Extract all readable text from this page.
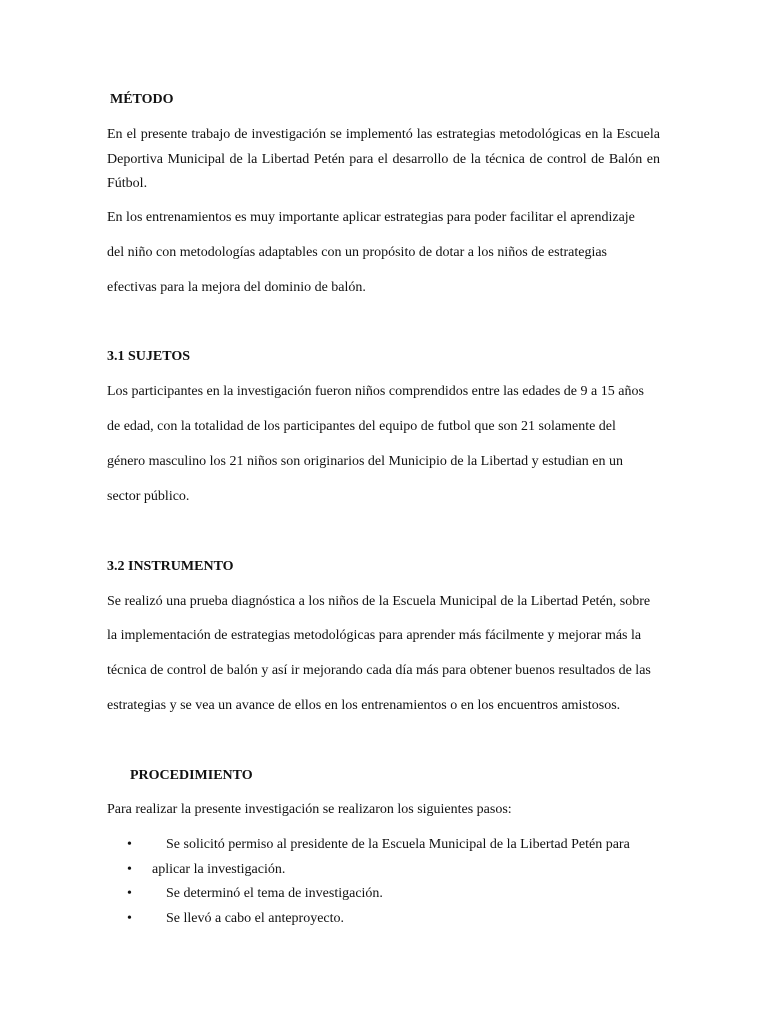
MÉTODO
En el presente trabajo de investigación se implementó las estrategias metodológicas en la Escuela Deportiva Municipal de la Libertad Petén para el desarrollo de la técnica de control de Balón en Fútbol.
En los entrenamientos es muy importante aplicar estrategias para poder facilitar el aprendizaje
del niño con metodologías adaptables con un propósito de dotar a los niños de estrategias
efectivas para la mejora del dominio de balón.
3.1 SUJETOS
Los participantes en la investigación fueron niños comprendidos entre las edades de 9 a 15 años
de edad, con la totalidad de los participantes del equipo de futbol que son 21 solamente del
género masculino los 21 niños son originarios del Municipio de la Libertad y estudian en un
sector público.
3.2 INSTRUMENTO
Se realizó una prueba diagnóstica a los niños de la Escuela Municipal de la Libertad Petén, sobre
la implementación de estrategias metodológicas para aprender más fácilmente y mejorar más la
técnica de control de balón y así ir mejorando cada día más para obtener buenos resultados de las
estrategias y se vea un avance de ellos en los entrenamientos o en los encuentros amistosos.
PROCEDIMIENTO
Para realizar la presente investigación se realizaron los siguientes pasos:
• Se solicitó permiso al presidente de la Escuela Municipal de la Libertad Petén para
• aplicar la investigación.
• Se determinó el tema de investigación.
• Se llevó a cabo el anteproyecto.
